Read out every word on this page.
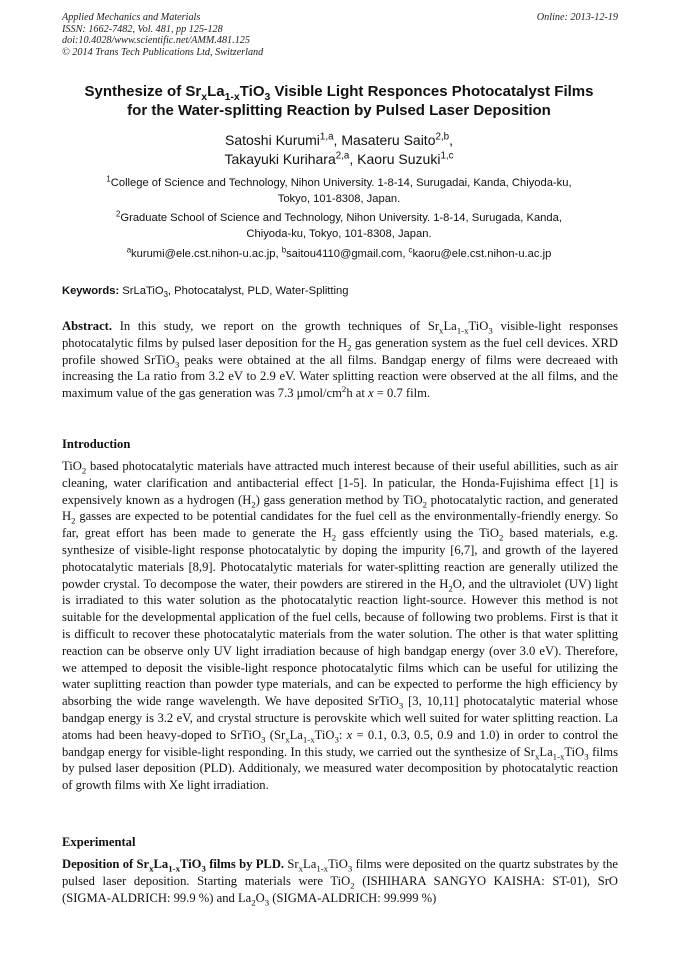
Applied Mechanics and Materials
ISSN: 1662-7482, Vol. 481, pp 125-128
doi:10.4028/www.scientific.net/AMM.481.125
© 2014 Trans Tech Publications Ltd, Switzerland
Online: 2013-12-19
Synthesize of $Sr_xLa_{1-x}TiO_3$ Visible Light Responces Photocatalyst Films
for the Water-splitting Reaction by Pulsed Laser Deposition
Satoshi Kurumi$^{1,a}$, Masateru Saito$^{2,b}$,
Takayuki Kurihara$^{2,a}$, Kaoru Suzuki$^{1,c}$
$^1$College of Science and Technology, Nihon University. 1-8-14, Surugadai, Kanda, Chiyoda-ku,
Tokyo, 101-8308, Japan.
$^2$Graduate School of Science and Technology, Nihon University. 1-8-14, Surugada, Kanda,
Chiyoda-ku, Tokyo, 101-8308, Japan.
$^a$kurumi@ele.cst.nihon-u.ac.jp, $^b$saitou4110@gmail.com, $^c$kaoru@ele.cst.nihon-u.ac.jp
Keywords: SrLaTiO$_3$, Photocatalyst, PLD, Water-Splitting
Abstract. In this study, we report on the growth techniques of $Sr_xLa_{1-x}TiO_3$ visible-light responses photocatalytic films by pulsed laser deposition for the $H_2$ gas generation system as the fuel cell devices. XRD profile showed SrTiO$_3$ peaks were obtained at the all films. Bandgap energy of films were decreaed with increasing the La ratio from 3.2 eV to 2.9 eV. Water splitting reaction were observed at the all films, and the maximum value of the gas generation was 7.3 μmol/$cm^2h$ at x = 0.7 film.
Introduction
TiO$_2$ based photocatalytic materials have attracted much interest because of their useful abillities, such as air cleaning, water clarification and antibacterial effect [1-5]. In paticular, the Honda-Fujishima effect [1] is expensively known as a hydrogen $(H_2)$ gass generation method by TiO$_2$ photocatalytic raction, and generated $H_2$ gasses are expected to be potential candidates for the fuel cell as the environmentally-friendly energy. So far, great effort has been made to generate the $H_2$ gass effciently using the TiO$_2$ based materials, e.g. synthesize of visible-light response photocatalytic by doping the impurity [6,7], and growth of the layered photocatalytic materials [8,9]. Photocatalytic materials for water-splitting reaction are generally utilized the powder crystal. To decompose the water, their powders are stirered in the $H_2O$, and the ultraviolet (UV) light is irradiated to this water solution as the photocatalytic reaction light-source. However this method is not suitable for the developmental application of the fuel cells, because of following two problems. First is that it is difficult to recover these photocatalytic materials from the water solution. The other is that water splitting reaction can be observe only UV light irradiation because of high bandgap energy (over 3.0 eV). Therefore, we attemped to deposit the visible-light responce photocatalytic films which can be useful for utilizing the water suplitting reaction than powder type materials, and can be expected to performe the high efficiency by absorbing the wide range wavelength. We have deposited SrTiO$_3$ [3, 10,11] photocatalytic material whose bandgap energy is 3.2 eV, and crystal structure is perovskite which well suited for water splitting reaction. La atoms had been heavy-doped to SrTiO$_3$ ($Sr_xLa_{1-x}TiO_3$: x = 0.1, 0.3, 0.5, 0.9 and 1.0) in order to control the bandgap energy for visible-light responding. In this study, we carried out the synthesize of $Sr_xLa_{1-x}TiO_3$ films by pulsed laser deposition (PLD). Additionaly, we measured water decomposition by photocatalytic reaction of growth films with Xe light irradiation.
Experimental
Deposition of $Sr_xLa_{1-x}TiO_3$ films by PLD. $Sr_xLa_{1-x}TiO_3$ films were deposited on the quartz substrates by the pulsed laser deposition. Starting materials were TiO$_2$ (ISHIHARA SANGYO KAISHA: ST-01), SrO (SIGMA-ALDRICH: 99.9 %) and $La_2O_3$ (SIGMA-ALDRICH: 99.999 %)
